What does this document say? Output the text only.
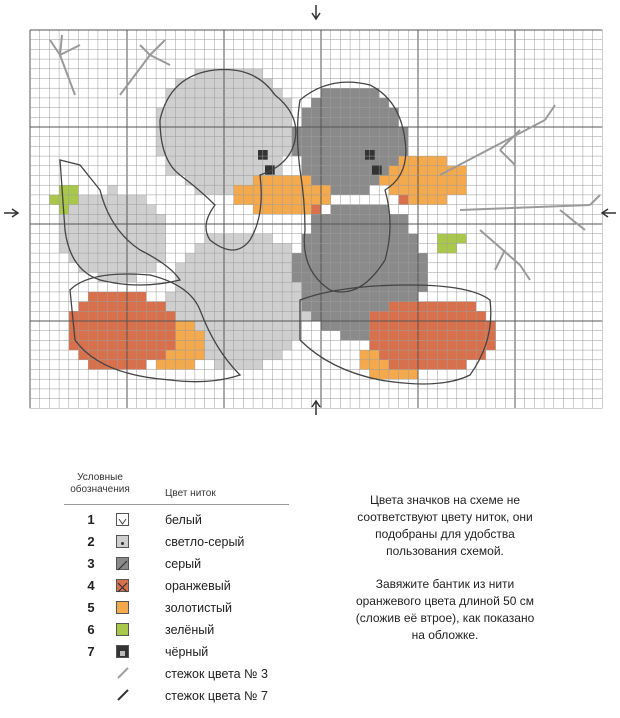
Условные
обозначения	Цвет ниток
1	белый
2	светло-серый
3	серый
4	оранжевый
5	золотистый
6	зелёный
7	чёрный
стежок цвета № 3
стежок цвета № 7

Цвета значков на схеме не соответствуют цвету ниток, они подобраны для удобства пользования схемой.

Завяжите бантик из нити оранжевого цвета длиной 50 см (сложив её втрое), как показано на обложке.
